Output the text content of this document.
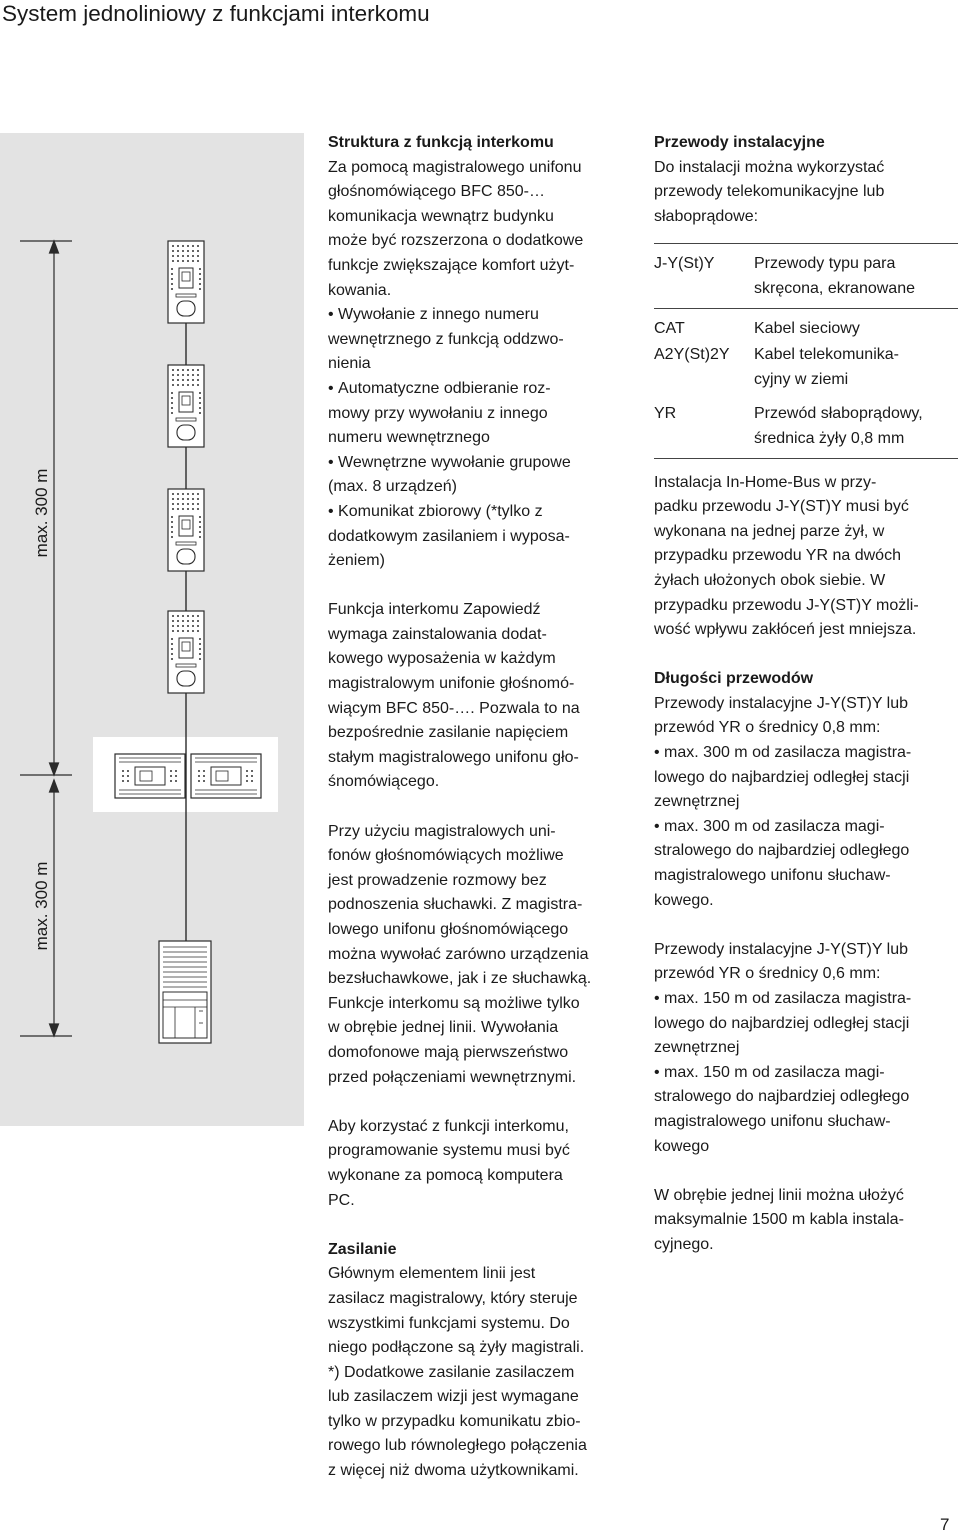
System jednoliniowy z funkcjami interkomu
max. 300 m
max. 300 m

Struktura z funkcją interkomu

Za pomocą magistralowego unifonu

głośnomówiącego BFC 850-…

komunikacja wewnątrz budynku

może być rozszerzona o dodatkowe

funkcje zwiększające komfort użyt-

kowania.

• Wywołanie z innego numeru

wewnętrznego z funkcją oddzwo-

nienia

• Automatyczne odbieranie roz-

mowy przy wywołaniu z innego

numeru wewnętrznego

• Wewnętrzne wywołanie grupowe

(max. 8 urządzeń)

• Komunikat zbiorowy (*tylko z

dodatkowym zasilaniem i wyposa-

żeniem)

Funkcja interkomu Zapowiedź

wymaga zainstalowania dodat-

kowego wyposażenia w każdym

magistralowym unifonie głośnomó-

wiącym BFC 850-…. Pozwala to na

bezpośrednie zasilanie napięciem

stałym magistralowego unifonu gło-

śnomówiącego.

Przy użyciu magistralowych uni-

fonów głośnomówiących możliwe

jest prowadzenie rozmowy bez

podnoszenia słuchawki. Z magistra-

lowego unifonu głośnomówiącego

można wywołać zarówno urządzenia

bezsłuchawkowe, jak i ze słuchawką.

Funkcje interkomu są możliwe tylko

w obrębie jednej linii. Wywołania

domofonowe mają pierwszeństwo

przed połączeniami wewnętrznymi.

Aby korzystać z funkcji interkomu,

programowanie systemu musi być

wykonane za pomocą komputera

PC.

Zasilanie

Głównym elementem linii jest

zasilacz magistralowy, który steruje

wszystkimi funkcjami systemu. Do

niego podłączone są żyły magistrali.

*) Dodatkowe zasilanie zasilaczem

lub zasilaczem wizji jest wymagane

tylko w przypadku komunikatu zbio-

rowego lub równoległego połączenia

z więcej niż dwoma użytkownikami.

Przewody instalacyjne

Do instalacji można wykorzystać

przewody telekomunikacyjne lub

słaboprądowe:

J-Y(St)Y	Przewody typu para

skręcona, ekranowane

CAT	Kabel sieciowy

A2Y(St)2Y	Kabel telekomunika-

cyjny w ziemi

YR	Przewód słaboprądowy,

średnica żyły 0,8 mm

Instalacja In-Home-Bus w przy-

padku przewodu J-Y(ST)Y musi być

wykonana na jednej parze żył, w

przypadku przewodu YR na dwóch

żyłach ułożonych obok siebie. W

przypadku przewodu J-Y(ST)Y możli-

wość wpływu zakłóceń jest mniejsza.

Długości przewodów

Przewody instalacyjne J-Y(ST)Y lub

przewód YR o średnicy 0,8 mm:

• max. 300 m od zasilacza magistra-

lowego do najbardziej odległej stacji

zewnętrznej

• max. 300 m od zasilacza magi-

stralowego do najbardziej odległego

magistralowego unifonu słuchaw-

kowego.

Przewody instalacyjne J-Y(ST)Y lub

przewód YR o średnicy 0,6 mm:

• max. 150 m od zasilacza magistra-

lowego do najbardziej odległej stacji

zewnętrznej

• max. 150 m od zasilacza magi-

stralowego do najbardziej odległego

magistralowego unifonu słuchaw-

kowego

W obrębie jednej linii można ułożyć

maksymalnie 1500 m kabla instala-

cyjnego.

7
